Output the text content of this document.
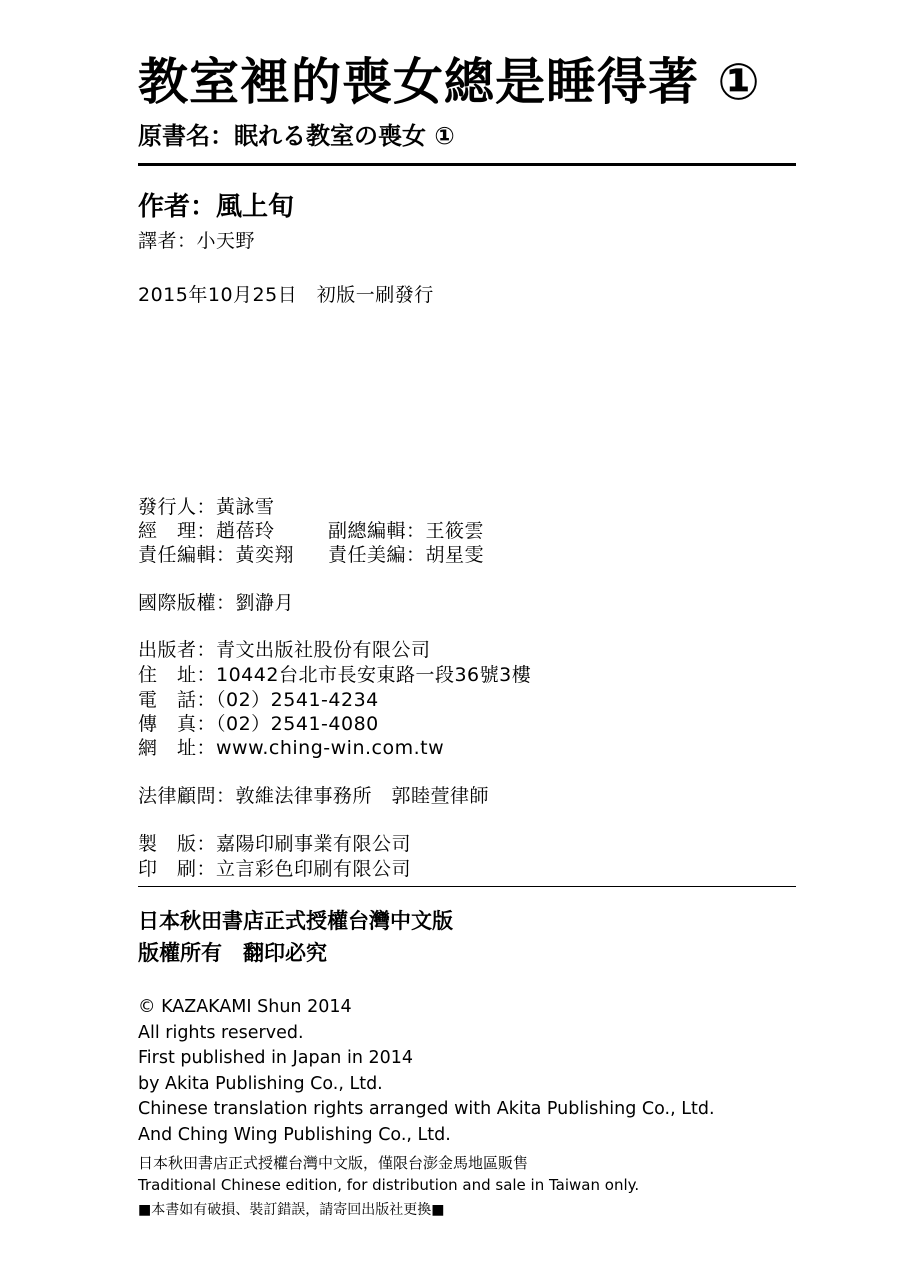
教室裡的喪女總是睡得著 ①
原書名：眠れる教室の喪女 ①
作者：風上旬
譯者：小天野
2015年10月25日　初版一刷發行
發行人：黃詠雪
經　理：趙蓓玲	副總編輯：王筱雲
責任編輯：黃奕翔 責任美編：胡星雯
國際版權：劉瀞月
出版者：青文出版社股份有限公司
住　址：10442台北市長安東路一段36號3樓
電　話：（02）2541-4234
傳　真：（02）2541-4080
網　址：www.ching-win.com.tw
法律顧問：敦維法律事務所　郭睦萱律師
製　版：嘉陽印刷事業有限公司
印　刷：立言彩色印刷有限公司
日本秋田書店正式授權台灣中文版
版權所有　翻印必究
© KAZAKAMI Shun 2014
All rights reserved.
First published in Japan in 2014
by Akita Publishing Co., Ltd.
Chinese translation rights arranged with Akita Publishing Co., Ltd.
And Ching Wing Publishing Co., Ltd.
日本秋田書店正式授權台灣中文版，僅限台澎金馬地區販售
Traditional Chinese edition, for distribution and sale in Taiwan only.
■本書如有破損、裝訂錯誤，請寄回出版社更換■
